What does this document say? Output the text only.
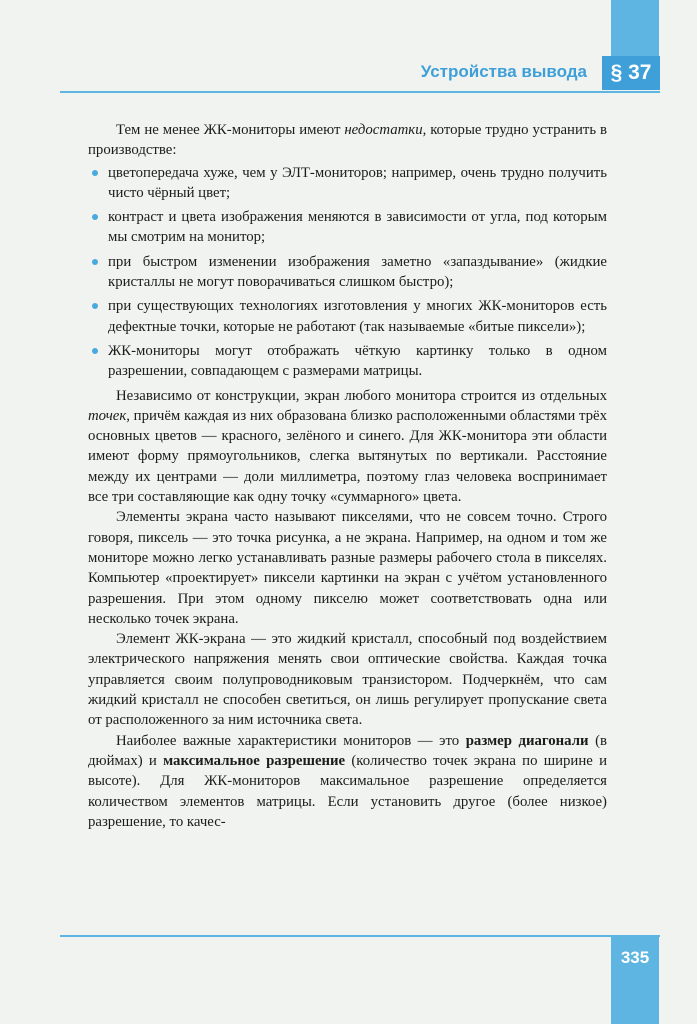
§ 37
Устройства вывода

Тем не менее ЖК-мониторы имеют недостатки, которые трудно устранить в производстве:

цветопередача хуже, чем у ЭЛТ-мониторов; например, очень трудно получить чисто чёрный цвет;
контраст и цвета изображения меняются в зависимости от угла, под которым мы смотрим на монитор;
при быстром изменении изображения заметно «запаздывание» (жидкие кристаллы не могут поворачиваться слишком быстро);
при существующих технологиях изготовления у многих ЖК-мониторов есть дефектные точки, которые не работают (так называемые «битые пиксели»);
ЖК-мониторы могут отображать чёткую картинку только в одном разрешении, совпадающем с размерами матрицы.

Независимо от конструкции, экран любого монитора строится из отдельных точек, причём каждая из них образована близко расположенными областями трёх основных цветов — красного, зелёного и синего. Для ЖК-монитора эти области имеют форму прямоугольников, слегка вытянутых по вертикали. Расстояние между их центрами — доли миллиметра, поэтому глаз человека воспринимает все три составляющие как одну точку «суммарного» цвета.

Элементы экрана часто называют пикселями, что не совсем точно. Строго говоря, пиксель — это точка рисунка, а не экрана. Например, на одном и том же мониторе можно легко устанавливать разные размеры рабочего стола в пикселях. Компьютер «проектирует» пиксели картинки на экран с учётом установленного разрешения. При этом одному пикселю может соответствовать одна или несколько точек экрана.

Элемент ЖК-экрана — это жидкий кристалл, способный под воздействием электрического напряжения менять свои оптические свойства. Каждая точка управляется своим полупроводниковым транзистором. Подчеркнём, что сам жидкий кристалл не способен светиться, он лишь регулирует пропускание света от расположенного за ним источника света.

Наиболее важные характеристики мониторов — это размер диагонали (в дюймах) и максимальное разрешение (количество точек экрана по ширине и высоте). Для ЖК-мониторов максимальное разрешение определяется количеством элементов матрицы. Если установить другое (более низкое) разрешение, то качес-

335
